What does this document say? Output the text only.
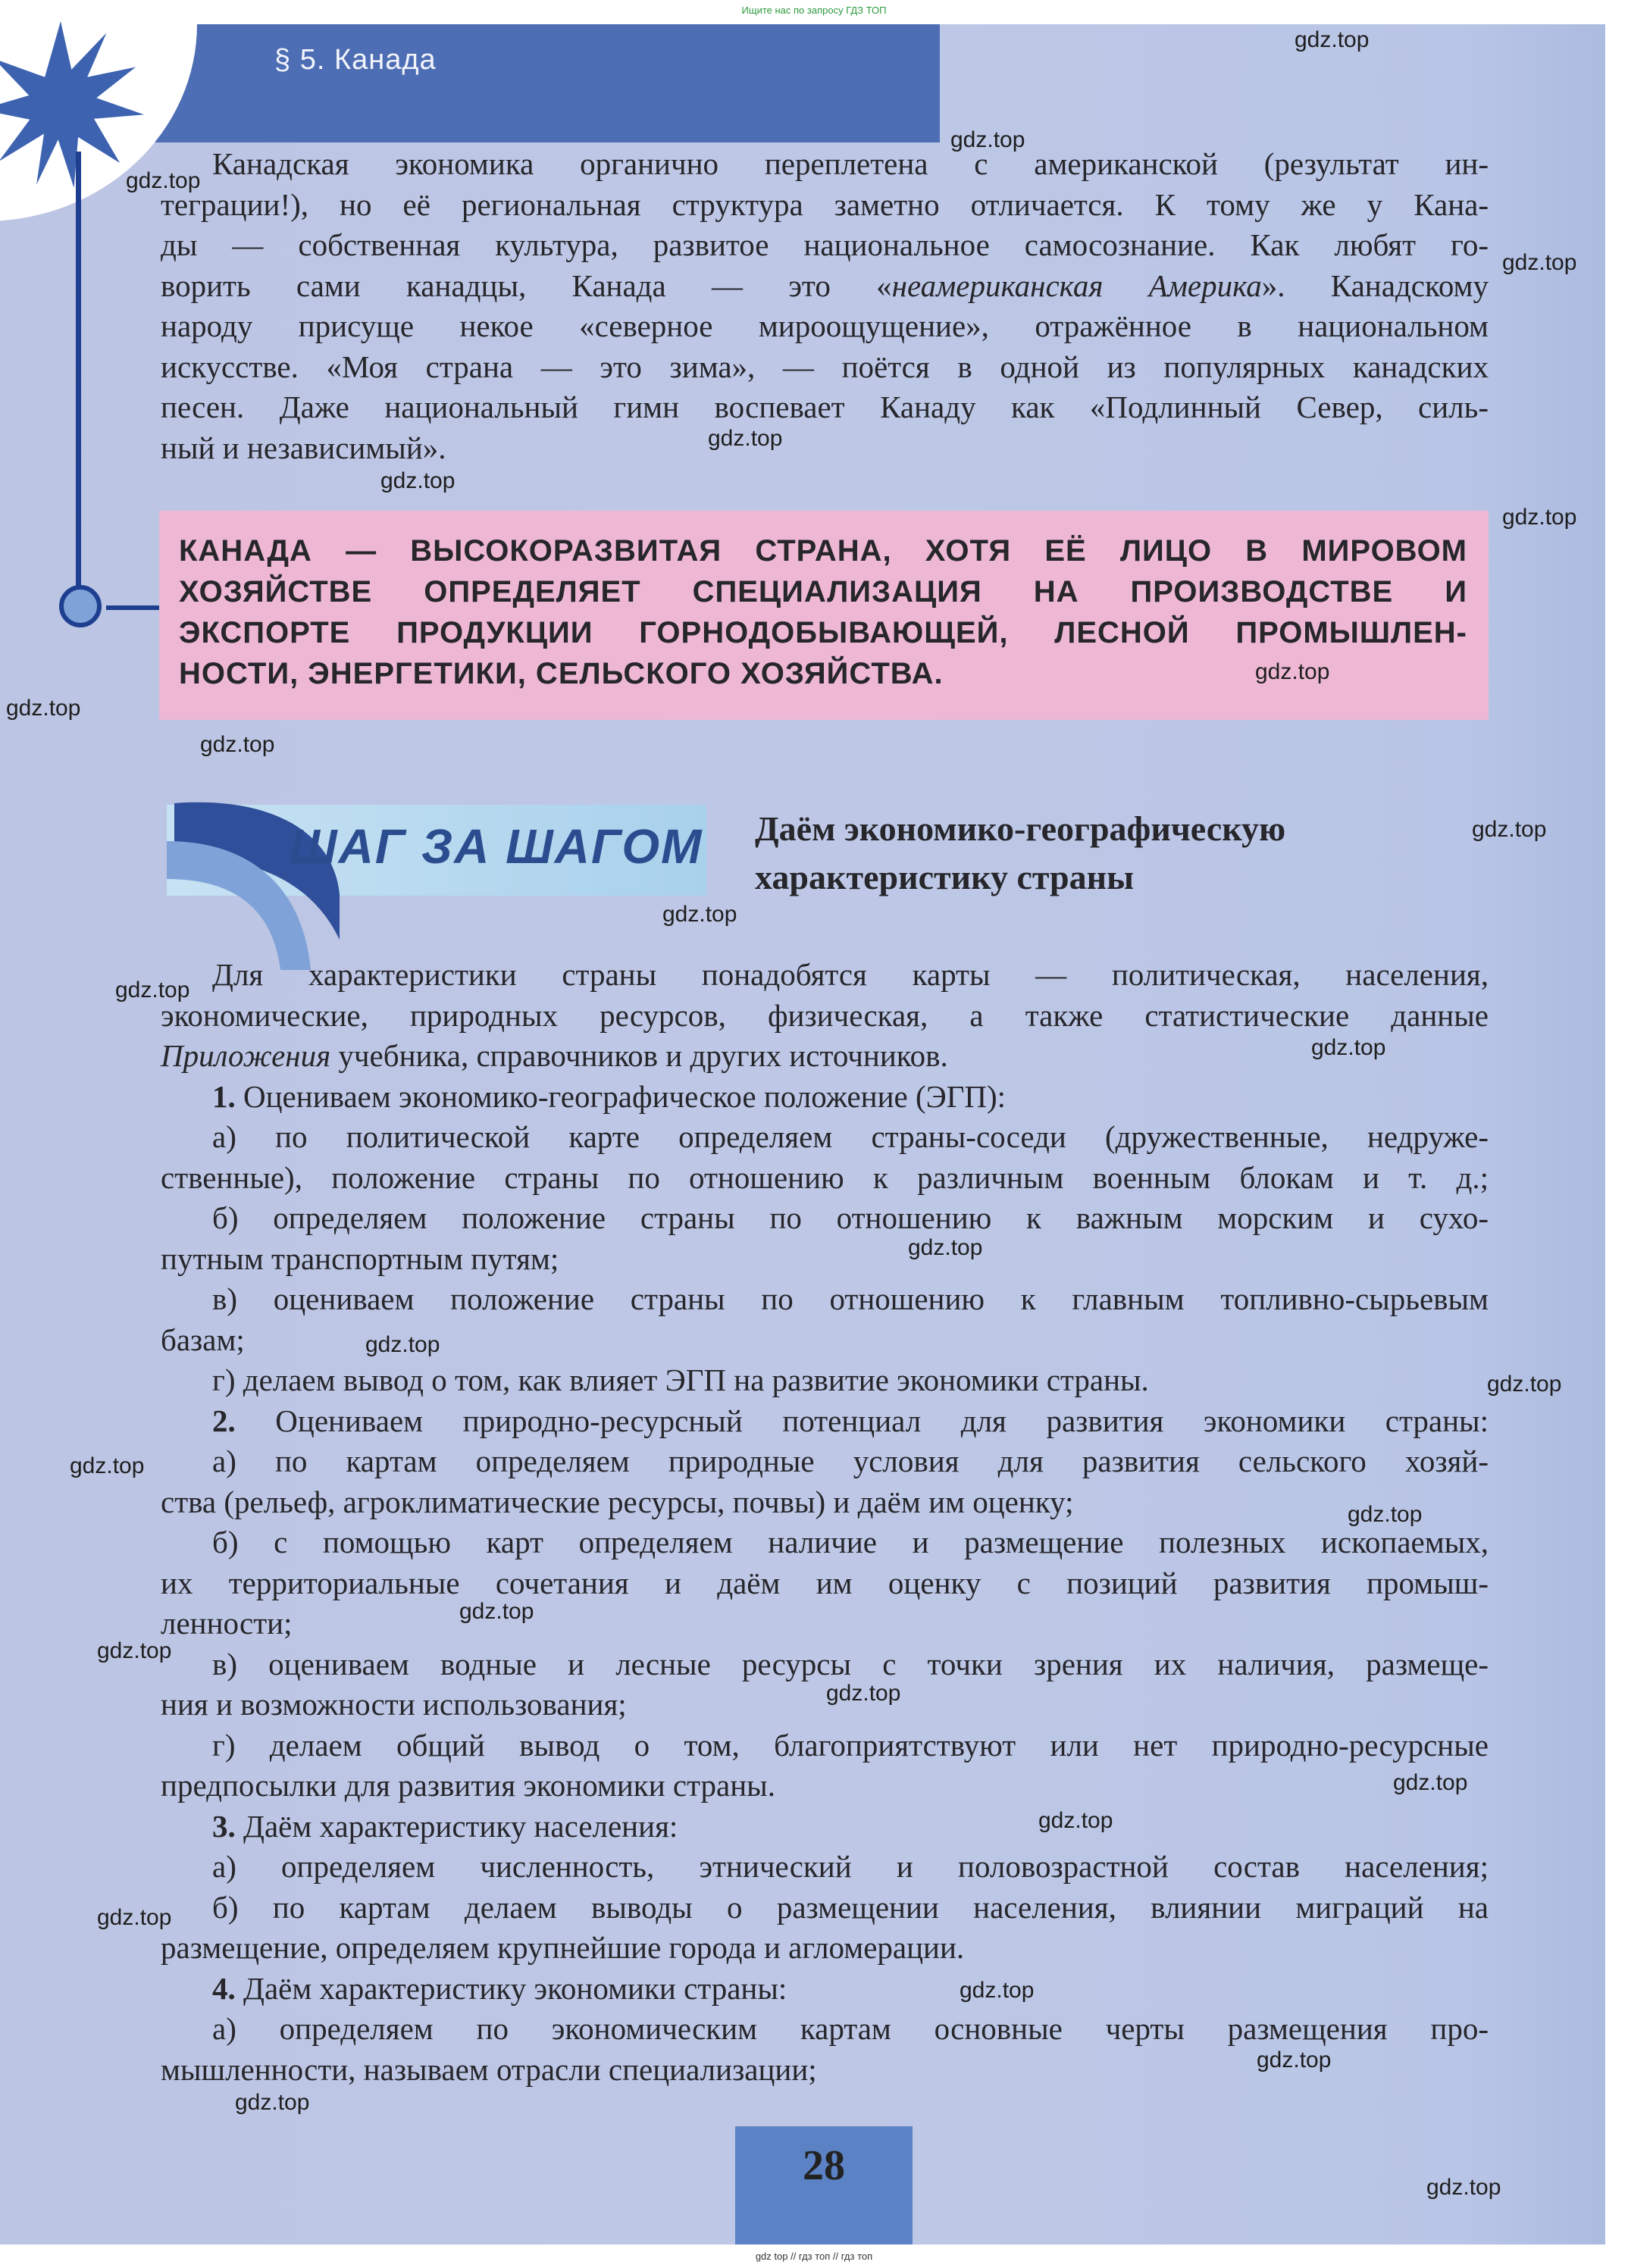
Ищите нас по запросу ГДЗ ТОП
§ 5. Канада
Канадская экономика органично переплетена с американской (результат ин-
теграции!), но её региональная структура заметно отличается. К тому же у Кана-
ды — собственная культура, развитое национальное самосознание. Как любят го-
ворить сами канадцы, Канада — это «неамериканская Америка». Канадскому
народу присуще некое «северное мироощущение», отражённое в национальном
искусстве. «Моя страна — это зима», — поётся в одной из популярных канадских
песен. Даже национальный гимн воспевает Канаду как «Подлинный Север, силь-
ный и независимый».
КАНАДА — ВЫСОКОРАЗВИТАЯ СТРАНА, ХОТЯ ЕЁ ЛИЦО В МИРОВОМ
ХОЗЯЙСТВЕ ОПРЕДЕЛЯЕТ СПЕЦИАЛИЗАЦИЯ НА ПРОИЗВОДСТВЕ И
ЭКСПОРТЕ ПРОДУКЦИИ ГОРНОДОБЫВАЮЩЕЙ, ЛЕСНОЙ ПРОМЫШЛЕН-
НОСТИ, ЭНЕРГЕТИКИ, СЕЛЬСКОГО ХОЗЯЙСТВА.
ШАГ ЗА ШАГОМ Даём экономико-географическую
характеристику страны
Для характеристики страны понадобятся карты — политическая, населения,
экономические, природных ресурсов, физическая, а также статистические данные
Приложения учебника, справочников и других источников.
1. Оцениваем экономико-географическое положение (ЭГП):
а) по политической карте определяем страны-соседи (дружественные, недруже-
ственные), положение страны по отношению к различным военным блокам и т. д.;
б) определяем положение страны по отношению к важным морским и сухо-
путным транспортным путям;
в) оцениваем положение страны по отношению к главным топливно-сырьевым
базам;
г) делаем вывод о том, как влияет ЭГП на развитие экономики страны.
2. Оцениваем природно-ресурсный потенциал для развития экономики страны:
а) по картам определяем природные условия для развития сельского хозяй-
ства (рельеф, агроклиматические ресурсы, почвы) и даём им оценку;
б) с помощью карт определяем наличие и размещение полезных ископаемых,
их территориальные сочетания и даём им оценку с позиций развития промыш-
ленности;
в) оцениваем водные и лесные ресурсы с точки зрения их наличия, размеще-
ния и возможности использования;
г) делаем общий вывод о том, благоприятствуют или нет природно-ресурсные
предпосылки для развития экономики страны.
3. Даём характеристику населения:
а) определяем численность, этнический и половозрастной состав населения;
б) по картам делаем выводы о размещении населения, влиянии миграций на
размещение, определяем крупнейшие города и агломерации.
4. Даём характеристику экономики страны:
а) определяем по экономическим картам основные черты размещения про-
мышленности, называем отрасли специализации;
28
gdz top // гдз топ // гдз топ
gdz.top
gdz.top
gdz.top
gdz.top
gdz.top
gdz.top
gdz.top
gdz.top
gdz.top
gdz.top
gdz.top
gdz.top
gdz.top
gdz.top
gdz.top
gdz.top
gdz.top
gdz.top
gdz.top
gdz.top
gdz.top
gdz.top
gdz.top
gdz.top
gdz.top
gdz.top
gdz.top
gdz.top
gdz.top
